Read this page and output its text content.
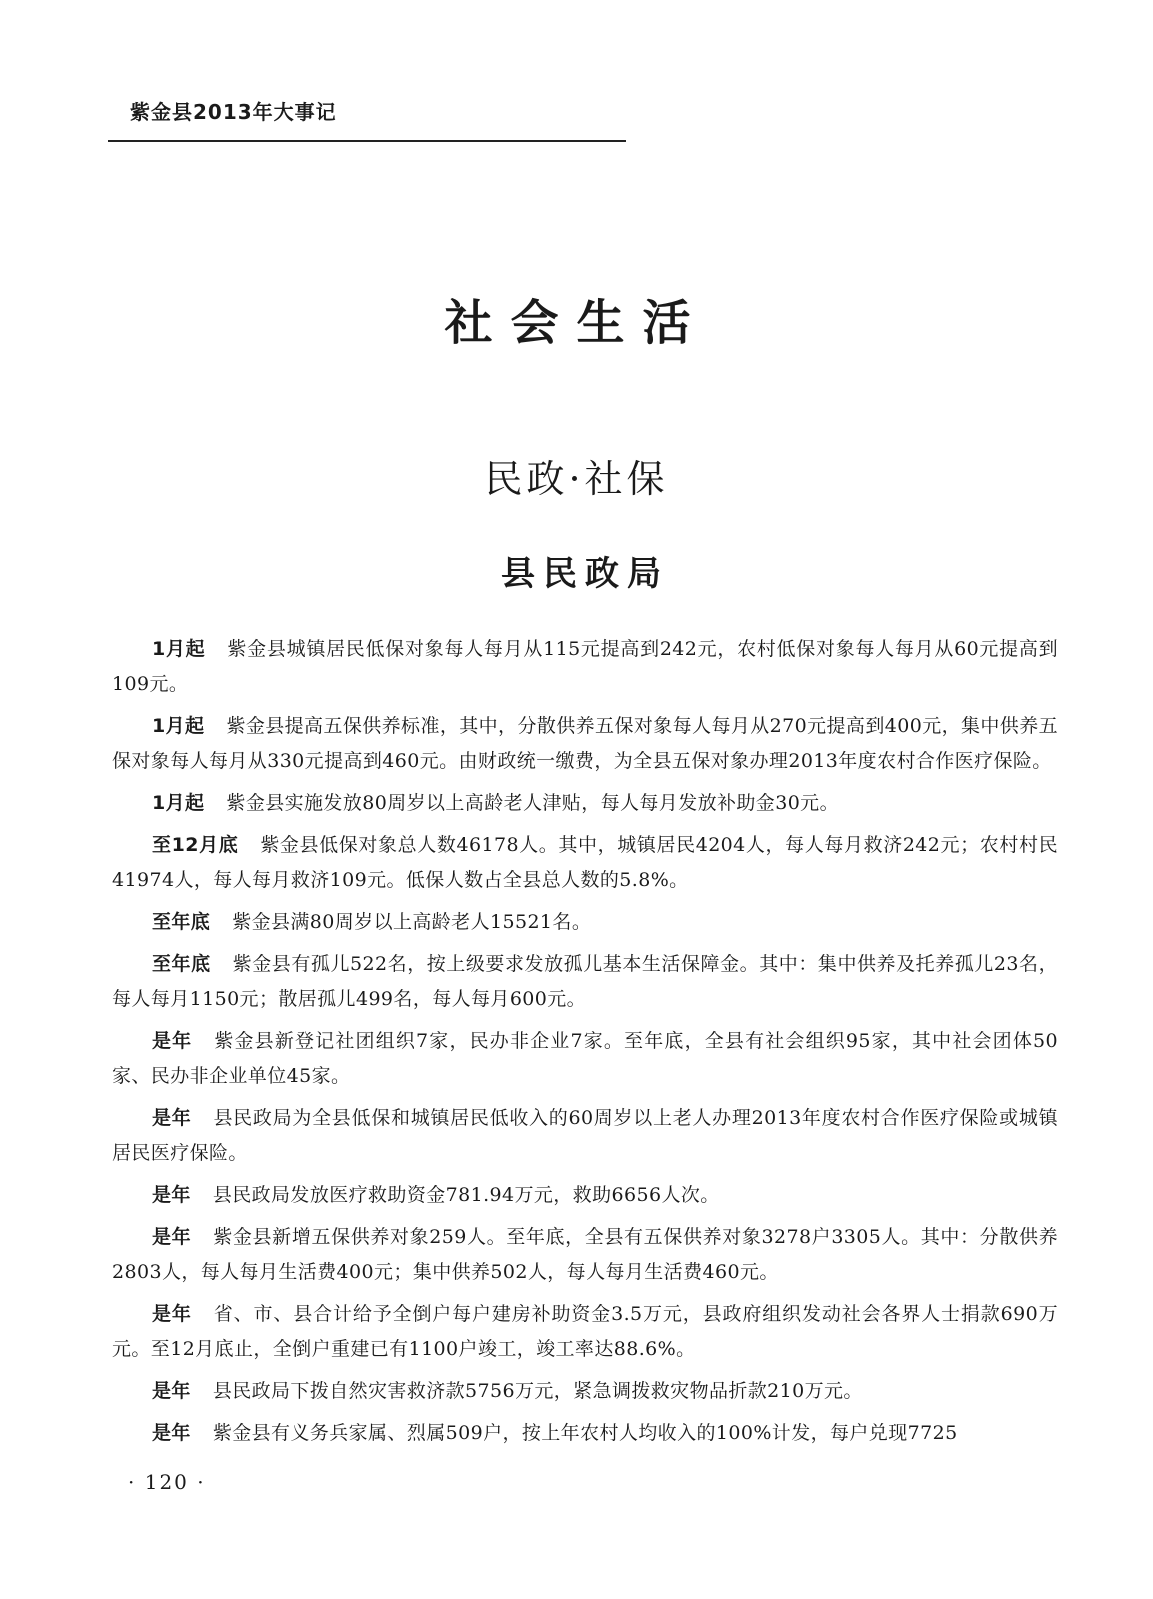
紫金县2013年大事记
社会生活
民政·社保
县民政局

1月起 紫金县城镇居民低保对象每人每月从115元提高到242元，农村低保对象每人每月从60元提高到109元。

1月起 紫金县提高五保供养标准，其中，分散供养五保对象每人每月从270元提高到400元，集中供养五保对象每人每月从330元提高到460元。由财政统一缴费，为全县五保对象办理2013年度农村合作医疗保险。

1月起 紫金县实施发放80周岁以上高龄老人津贴，每人每月发放补助金30元。

至12月底 紫金县低保对象总人数46178人。其中，城镇居民4204人，每人每月救济242元；农村村民41974人，每人每月救济109元。低保人数占全县总人数的5.8%。

至年底 紫金县满80周岁以上高龄老人15521名。

至年底 紫金县有孤儿522名，按上级要求发放孤儿基本生活保障金。其中：集中供养及托养孤儿23名，每人每月1150元；散居孤儿499名，每人每月600元。

是年 紫金县新登记社团组织7家，民办非企业7家。至年底，全县有社会组织95家，其中社会团体50家、民办非企业单位45家。

是年 县民政局为全县低保和城镇居民低收入的60周岁以上老人办理2013年度农村合作医疗保险或城镇居民医疗保险。

是年 县民政局发放医疗救助资金781.94万元，救助6656人次。

是年 紫金县新增五保供养对象259人。至年底，全县有五保供养对象3278户3305人。其中：分散供养2803人，每人每月生活费400元；集中供养502人，每人每月生活费460元。

是年 省、市、县合计给予全倒户每户建房补助资金3.5万元，县政府组织发动社会各界人士捐款690万元。至12月底止，全倒户重建已有1100户竣工，竣工率达88.6%。

是年 县民政局下拨自然灾害救济款5756万元，紧急调拨救灾物品折款210万元。

是年 紫金县有义务兵家属、烈属509户，按上年农村人均收入的100%计发，每户兑现7725

· 120 ·
